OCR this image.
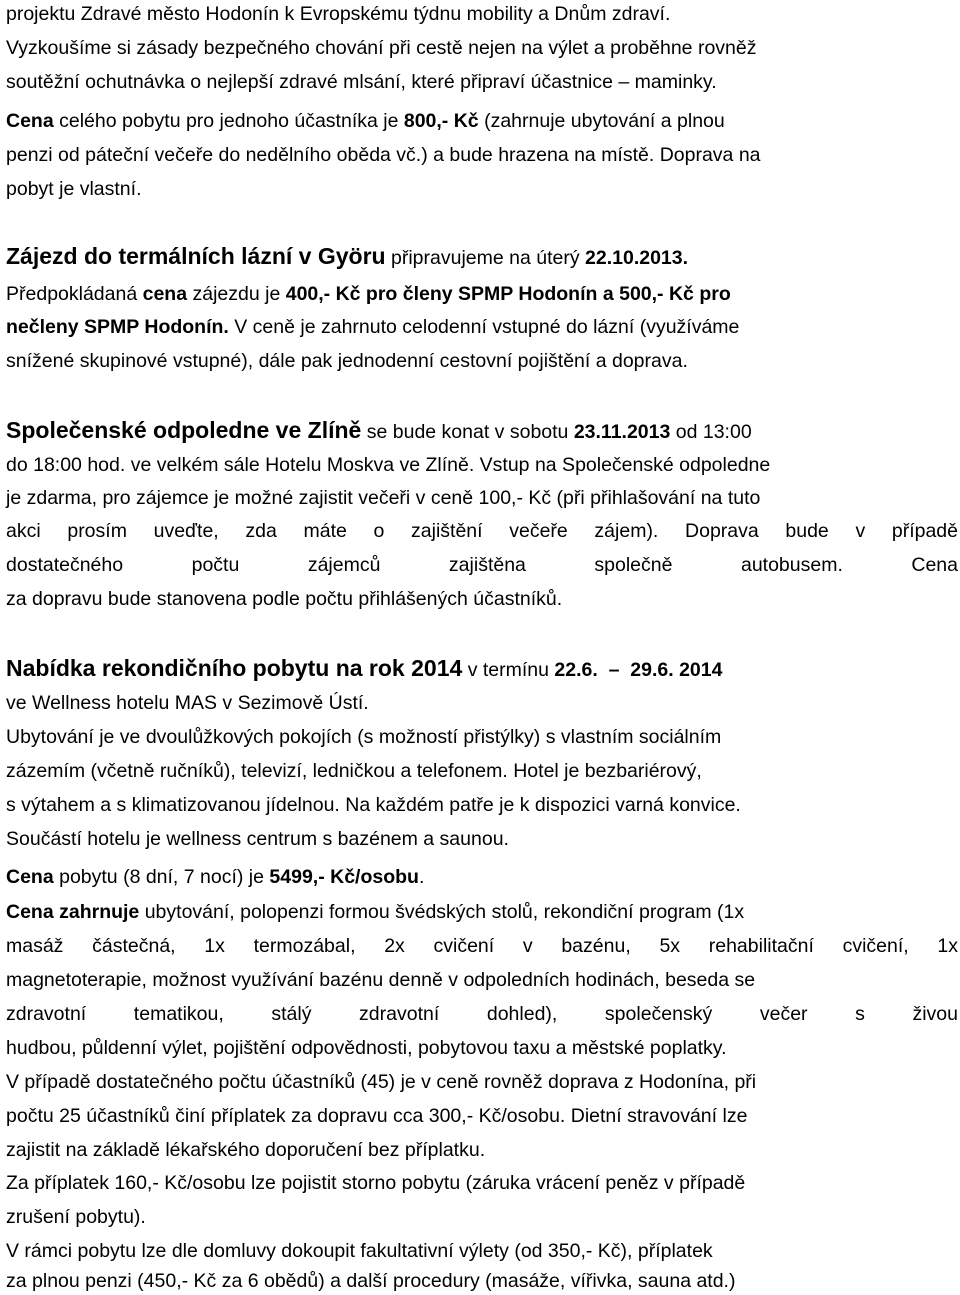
projektu Zdravé město Hodonín k Evropskému týdnu mobility a Dnům zdraví.
Vyzkoušíme si zásady bezpečného chování při cestě nejen na výlet a proběhne rovněž
soutěžní ochutnávka o nejlepší zdravé mlsání, které připraví účastnice – maminky.
Cena celého pobytu pro jednoho účastníka je 800,- Kč (zahrnuje ubytování a plnou
penzi od páteční večeře do nedělního oběda vč.) a bude hrazena na místě. Doprava na
pobyt je vlastní.
Zájezd do termálních lázní v Györu připravujeme na úterý 22.10.2013.
Předpokládaná cena zájezdu je 400,- Kč pro členy SPMP Hodonín a 500,- Kč pro
nečleny SPMP Hodonín. V ceně je zahrnuto celodenní vstupné do lázní (využíváme
snížené skupinové vstupné), dále pak jednodenní cestovní pojištění a doprava.
Společenské odpoledne ve Zlíně se bude konat v sobotu 23.11.2013 od 13:00
do 18:00 hod. ve velkém sále Hotelu Moskva ve Zlíně. Vstup na Společenské odpoledne
je zdarma, pro zájemce je možné zajistit večeři v ceně 100,- Kč (při přihlašování na tuto
akci prosím uveďte, zda máte o zajištění večeře zájem). Doprava bude v případě
dostatečného počtu zájemců zajištěna společně autobusem. Cena
za dopravu bude stanovena podle počtu přihlášených účastníků.
Nabídka rekondičního pobytu na rok 2014 v termínu 22.6.  –  29.6. 2014
ve Wellness hotelu MAS v Sezimově Ústí.
Ubytování je ve dvoulůžkových pokojích (s možností přistýlky) s vlastním sociálním
zázemím (včetně ručníků), televizí, ledničkou a telefonem. Hotel je bezbariérový,
s výtahem a s klimatizovanou jídelnou. Na každém patře je k dispozici varná konvice.
Součástí hotelu je wellness centrum s bazénem a saunou.
Cena pobytu (8 dní, 7 nocí) je 5499,- Kč/osobu.
Cena zahrnuje ubytování, polopenzi formou švédských stolů, rekondiční program (1x
masáž částečná, 1x termozábal, 2x cvičení v bazénu, 5x rehabilitační cvičení, 1x
magnetoterapie, možnost využívání bazénu denně v odpoledních hodinách, beseda se
zdravotní tematikou, stálý zdravotní dohled), společenský večer s živou
hudbou, půldenní výlet, pojištění odpovědnosti, pobytovou taxu a městské poplatky.
V případě dostatečného počtu účastníků (45) je v ceně rovněž doprava z Hodonína, při
počtu 25 účastníků činí příplatek za dopravu cca 300,- Kč/osobu. Dietní stravování lze
zajistit na základě lékařského doporučení bez příplatku.
Za příplatek 160,- Kč/osobu lze pojistit storno pobytu (záruka vrácení peněz v případě
zrušení pobytu).
V rámci pobytu lze dle domluvy dokoupit fakultativní výlety (od 350,- Kč), příplatek
za plnou penzi (450,- Kč za 6 obědů) a další procedury (masáže, vířivka, sauna atd.)
